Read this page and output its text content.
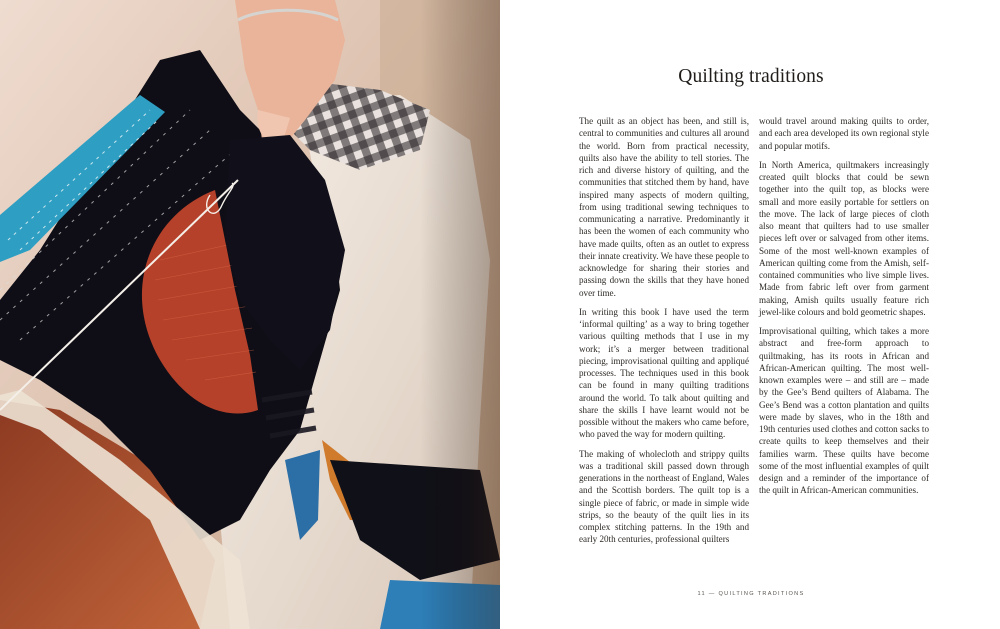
Quilting traditions

The quilt as an object has been, and still is, central to communities and cultures all around the world. Born from practical necessity, quilts also have the ability to tell stories. The rich and diverse history of quilting, and the communities that stitched them by hand, have inspired many aspects of modern quilting, from using traditional sewing techniques to communicating a narrative. Predominantly it has been the women of each community who have made quilts, often as an outlet to express their innate creativity. We have these people to acknowledge for sharing their stories and passing down the skills that they have honed over time.

In writing this book I have used the term ‘informal quilting’ as a way to bring together various quilting methods that I use in my work; it’s a merger between traditional piecing, improvisational quilting and appliqué processes. The techniques used in this book can be found in many quilting traditions around the world. To talk about quilting and share the skills I have learnt would not be possible without the makers who came before, who paved the way for modern quilting.

The making of wholecloth and strippy quilts was a traditional skill passed down through generations in the northeast of England, Wales and the Scottish borders. The quilt top is a single piece of fabric, or made in simple wide strips, so the beauty of the quilt lies in its complex stitching patterns. In the 19th and early 20th centuries, professional quilters

would travel around making quilts to order, and each area developed its own regional style and popular motifs.

In North America, quiltmakers increasingly created quilt blocks that could be sewn together into the quilt top, as blocks were small and more easily portable for settlers on the move. The lack of large pieces of cloth also meant that quilters had to use smaller pieces left over or salvaged from other items. Some of the most well-known examples of American quilting come from the Amish, self-contained communities who live simple lives. Made from fabric left over from garment making, Amish quilts usually feature rich jewel-like colours and bold geometric shapes.

Improvisational quilting, which takes a more abstract and free-form approach to quiltmaking, has its roots in African and African-American quilting. The most well-known examples were – and still are – made by the Gee’s Bend quilters of Alabama. The Gee’s Bend was a cotton plantation and quilts were made by slaves, who in the 18th and 19th centuries used clothes and cotton sacks to create quilts to keep themselves and their families warm. These quilts have become some of the most influential examples of quilt design and a reminder of the importance of the quilt in African-American communities.

11 — QUILTING TRADITIONS
